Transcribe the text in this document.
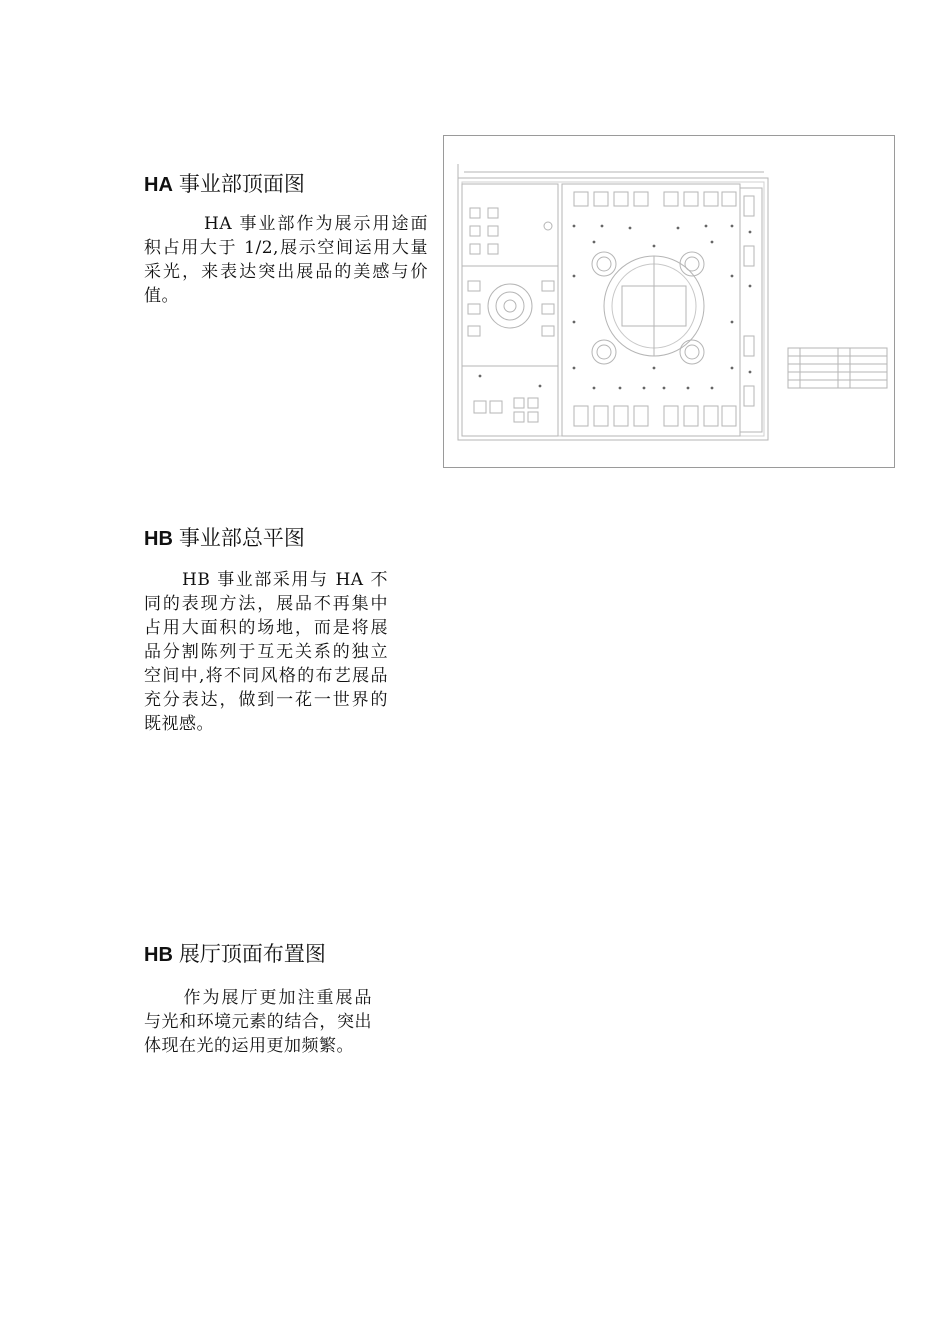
HA 事业部顶面图
HA 事业部作为展示用途面积占用大于 1/2,展示空间运用大量采光，来表达突出展品的美感与价值。
HB 事业部总平图
HB 事业部采用与 HA 不同的表现方法，展品不再集中占用大面积的场地，而是将展品分割陈列于互无关系的独立空间中,将不同风格的布艺展品充分表达，做到一花一世界的既视感。
HB 展厅顶面布置图
作为展厅更加注重展品与光和环境元素的结合，突出体现在光的运用更加频繁。
